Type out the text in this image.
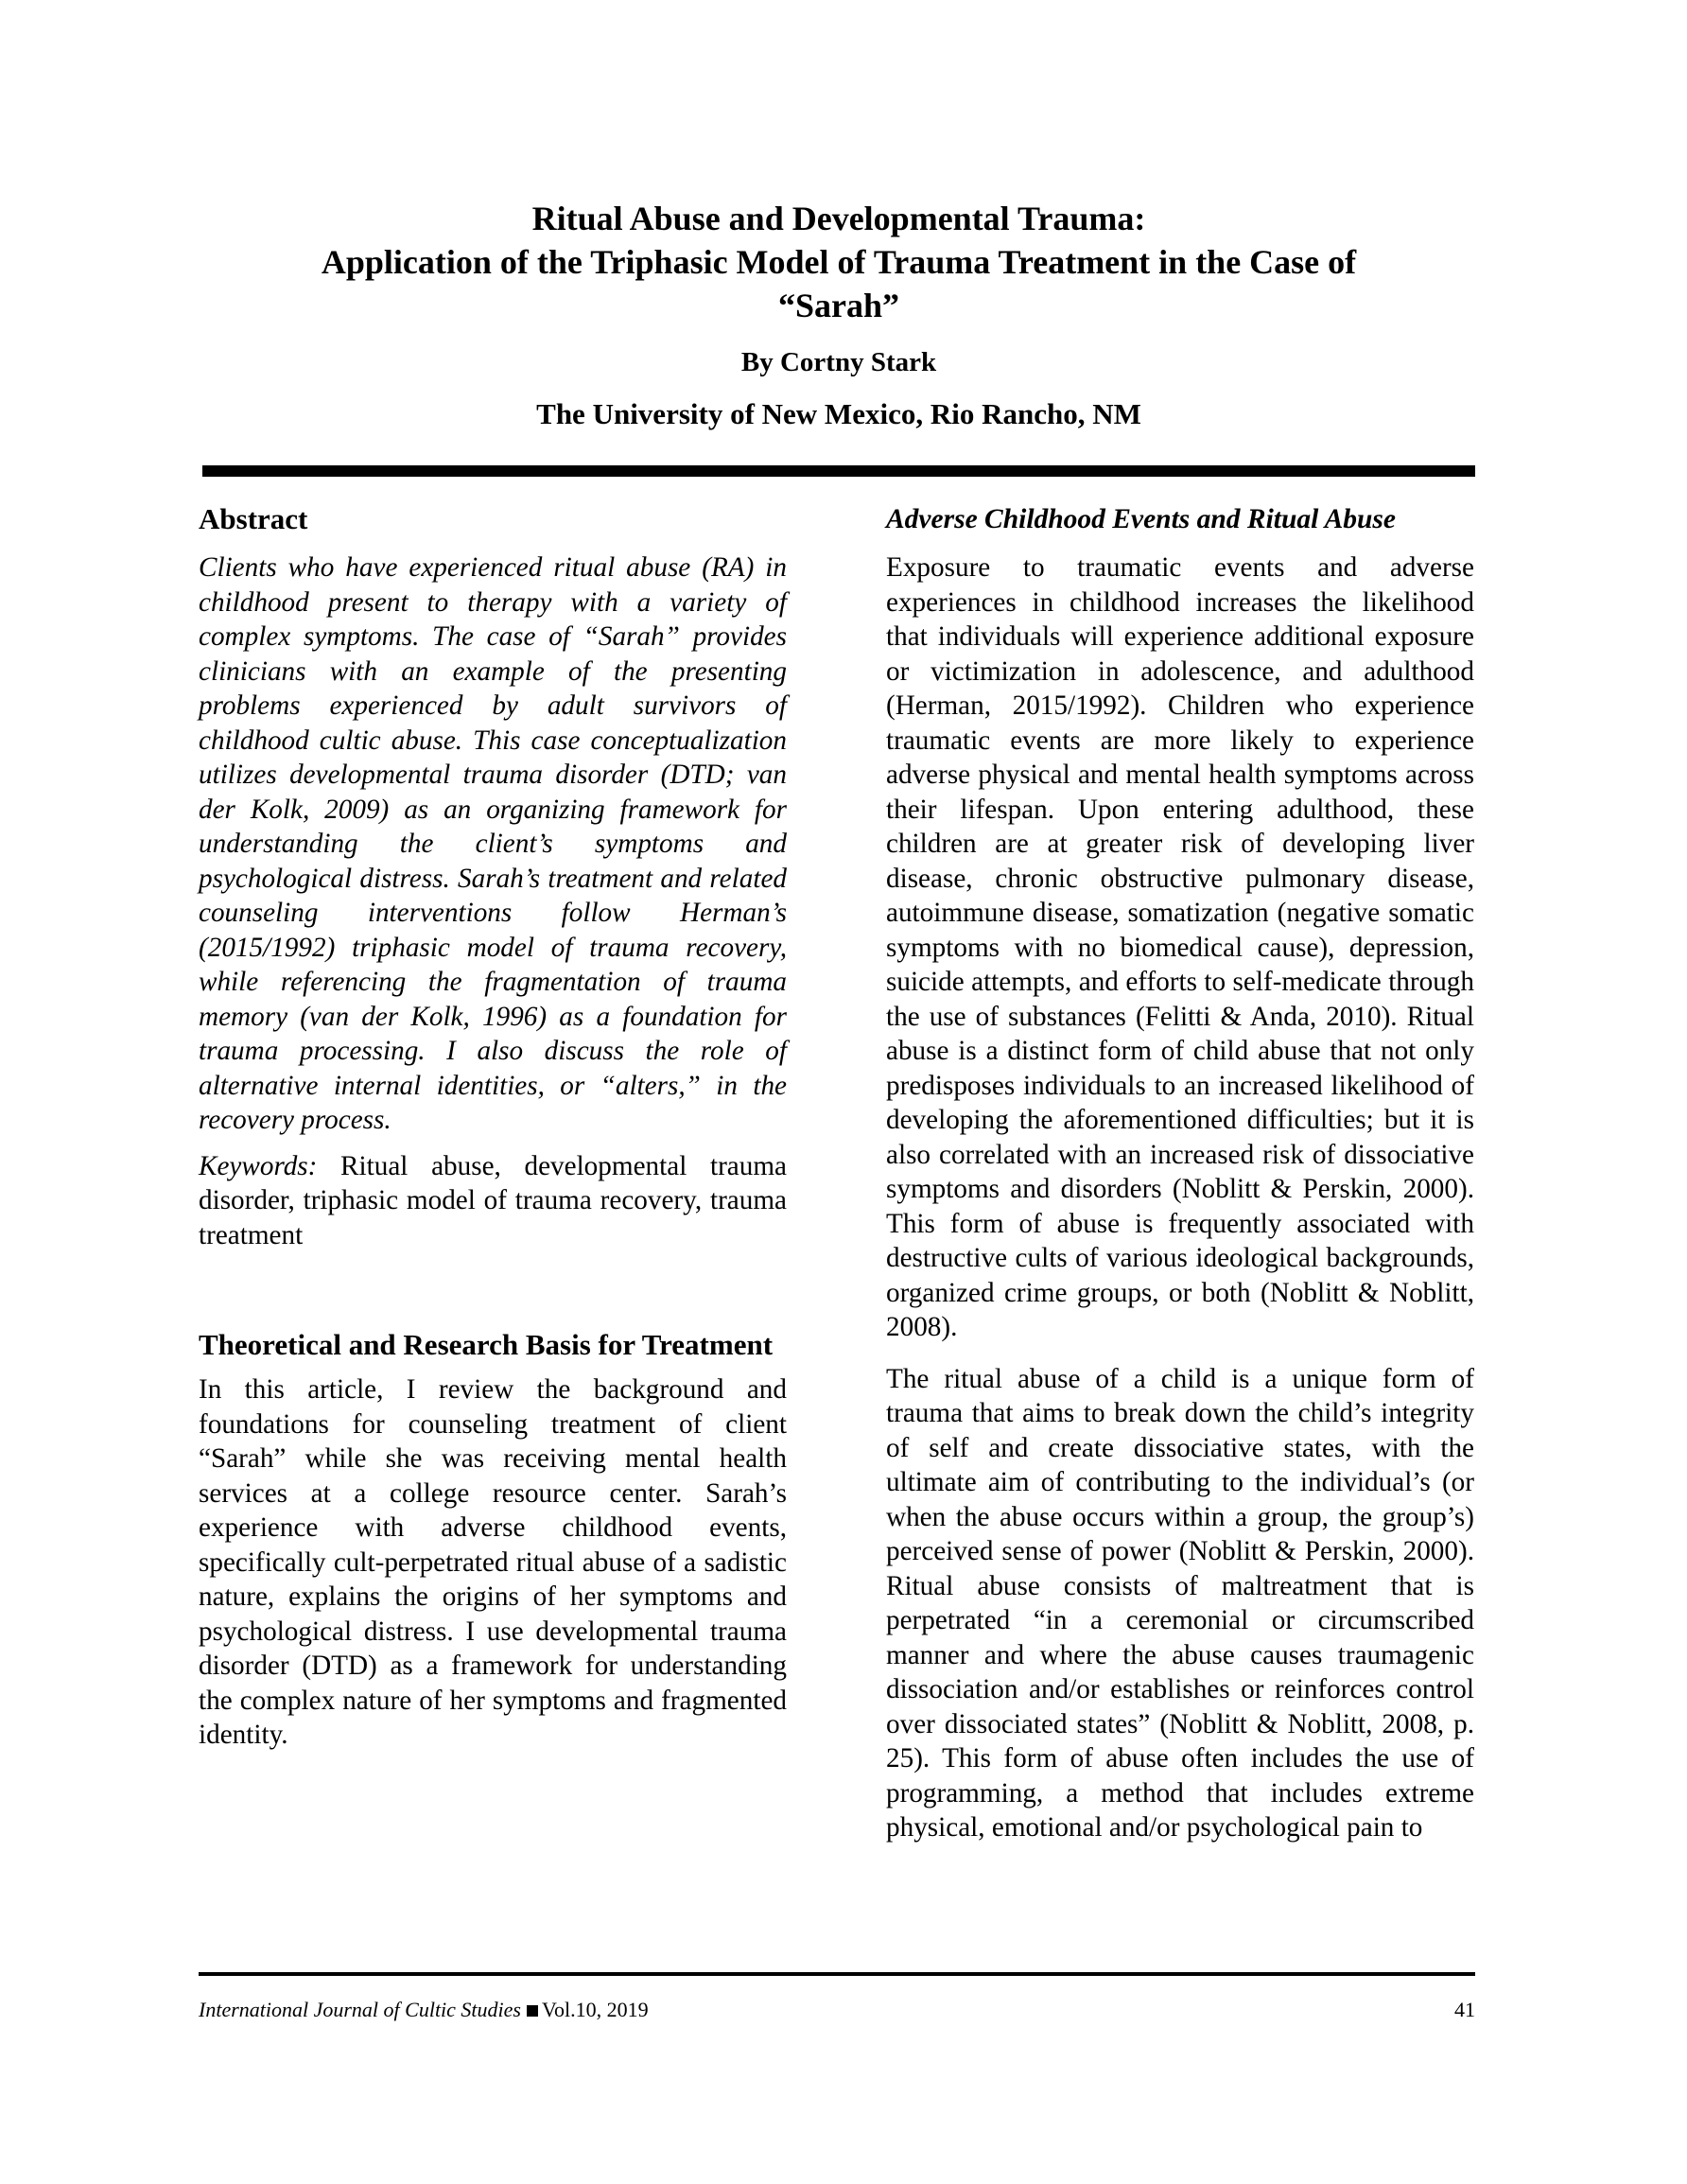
Ritual Abuse and Developmental Trauma:
Application of the Triphasic Model of Trauma Treatment in the Case of
“Sarah”
By Cortny Stark
The University of New Mexico, Rio Rancho, NM
Abstract

Clients who have experienced ritual abuse (RA) in childhood present to therapy with a variety of complex symptoms. The case of “Sarah” provides clinicians with an example of the presenting problems experienced by adult survivors of childhood cultic abuse. This case conceptualization utilizes developmental trauma disorder (DTD; van der Kolk, 2009) as an organizing framework for understanding the client’s symptoms and psychological distress. Sarah’s treatment and related counseling interventions follow Herman’s (2015/1992) triphasic model of trauma recovery, while referencing the fragmentation of trauma memory (van der Kolk, 1996) as a foundation for trauma processing. I also discuss the role of alternative internal identities, or “alters,” in the recovery process.

Keywords: Ritual abuse, developmental trauma disorder, triphasic model of trauma recovery, trauma treatment

Theoretical and Research Basis for Treatment

In this article, I review the background and foundations for counseling treatment of client “Sarah” while she was receiving mental health services at a college resource center. Sarah’s experience with adverse childhood events, specifically cult-perpetrated ritual abuse of a sadistic nature, explains the origins of her symptoms and psychological distress. I use developmental trauma disorder (DTD) as a framework for understanding the complex nature of her symptoms and fragmented identity.

Adverse Childhood Events and Ritual Abuse

Exposure to traumatic events and adverse experiences in childhood increases the likelihood that individuals will experience additional exposure or victimization in adolescence, and adulthood (Herman, 2015/1992). Children who experience traumatic events are more likely to experience adverse physical and mental health symptoms across their lifespan. Upon entering adulthood, these children are at greater risk of developing liver disease, chronic obstructive pulmonary disease, autoimmune disease, somatization (negative somatic symptoms with no biomedical cause), depression, suicide attempts, and efforts to self-medicate through the use of substances (Felitti & Anda, 2010). Ritual abuse is a distinct form of child abuse that not only predisposes individuals to an increased likelihood of developing the aforementioned difficulties; but it is also correlated with an increased risk of dissociative symptoms and disorders (Noblitt & Perskin, 2000). This form of abuse is frequently associated with destructive cults of various ideological backgrounds, organized crime groups, or both (Noblitt & Noblitt, 2008).

The ritual abuse of a child is a unique form of trauma that aims to break down the child’s integrity of self and create dissociative states, with the ultimate aim of contributing to the individual’s (or when the abuse occurs within a group, the group’s) perceived sense of power (Noblitt & Perskin, 2000). Ritual abuse consists of maltreatment that is perpetrated “in a ceremonial or circumscribed manner and where the abuse causes traumagenic dissociation and/or establishes or reinforces control over dissociated states” (Noblitt & Noblitt, 2008, p. 25). This form of abuse often includes the use of programming, a method that includes extreme physical, emotional and/or psychological pain to

International Journal of Cultic Studies Vol.10, 2019	41
